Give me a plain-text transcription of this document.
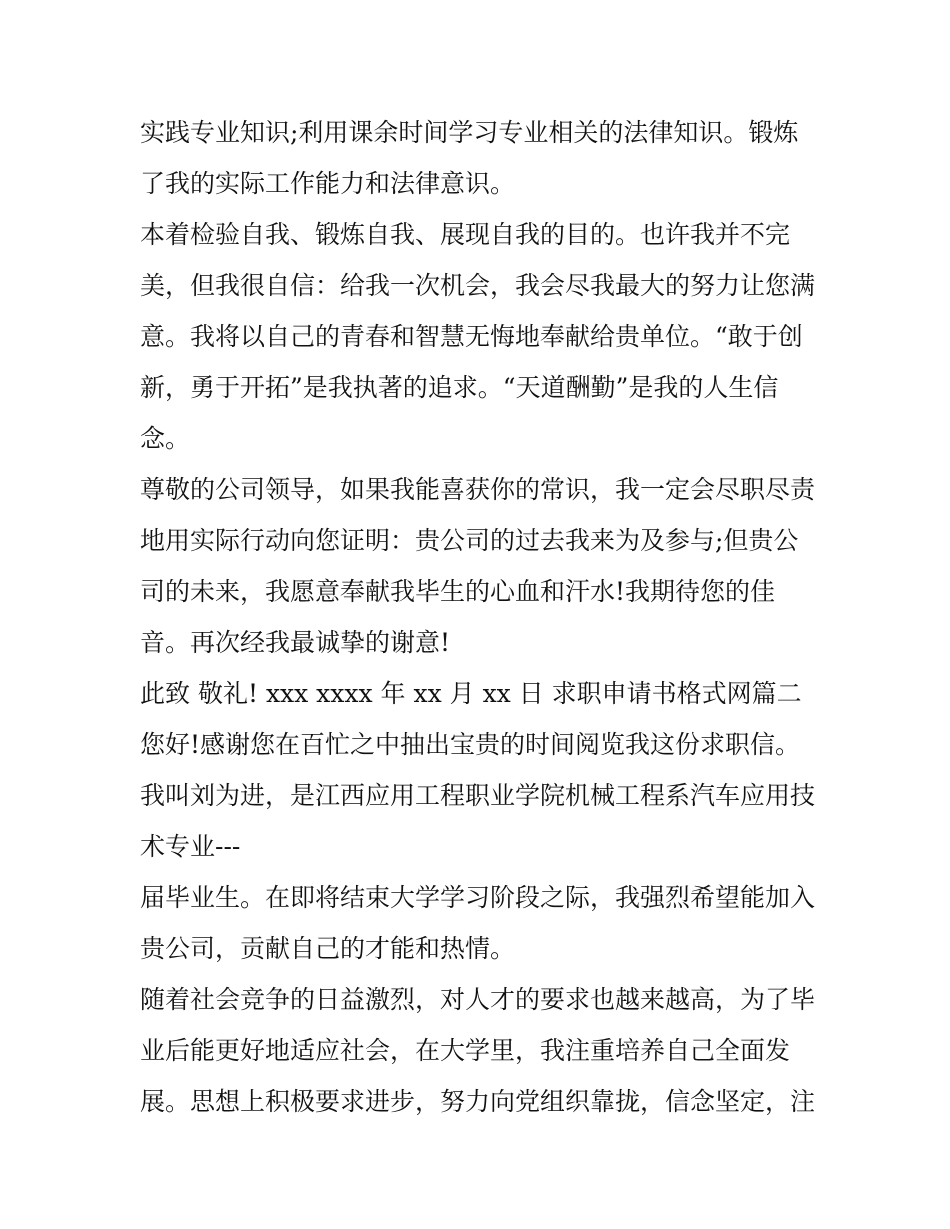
实践专业知识;利用课余时间学习专业相关的法律知识。锻炼
了我的实际工作能力和法律意识。
本着检验自我、锻炼自我、展现自我的目的。也许我并不完
美，但我很自信：给我一次机会，我会尽我最大的努力让您满
意。我将以自己的青春和智慧无悔地奉献给贵单位。“敢于创
新，勇于开拓”是我执著的追求。“天道酬勤”是我的人生信
念。
尊敬的公司领导，如果我能喜获你的常识，我一定会尽职尽责
地用实际行动向您证明：贵公司的过去我来为及参与;但贵公
司的未来，我愿意奉献我毕生的心血和汗水!我期待您的佳
音。再次经我最诚挚的谢意!
此致 敬礼! xxx xxxx 年 xx 月 xx 日 求职申请书格式网篇二
您好!感谢您在百忙之中抽出宝贵的时间阅览我这份求职信。
我叫刘为进，是江西应用工程职业学院机械工程系汽车应用技
术专业---
届毕业生。在即将结束大学学习阶段之际，我强烈希望能加入
贵公司，贡献自己的才能和热情。
随着社会竞争的日益激烈，对人才的要求也越来越高，为了毕
业后能更好地适应社会，在大学里，我注重培养自己全面发
展。思想上积极要求进步，努力向党组织靠拢，信念坚定，注
